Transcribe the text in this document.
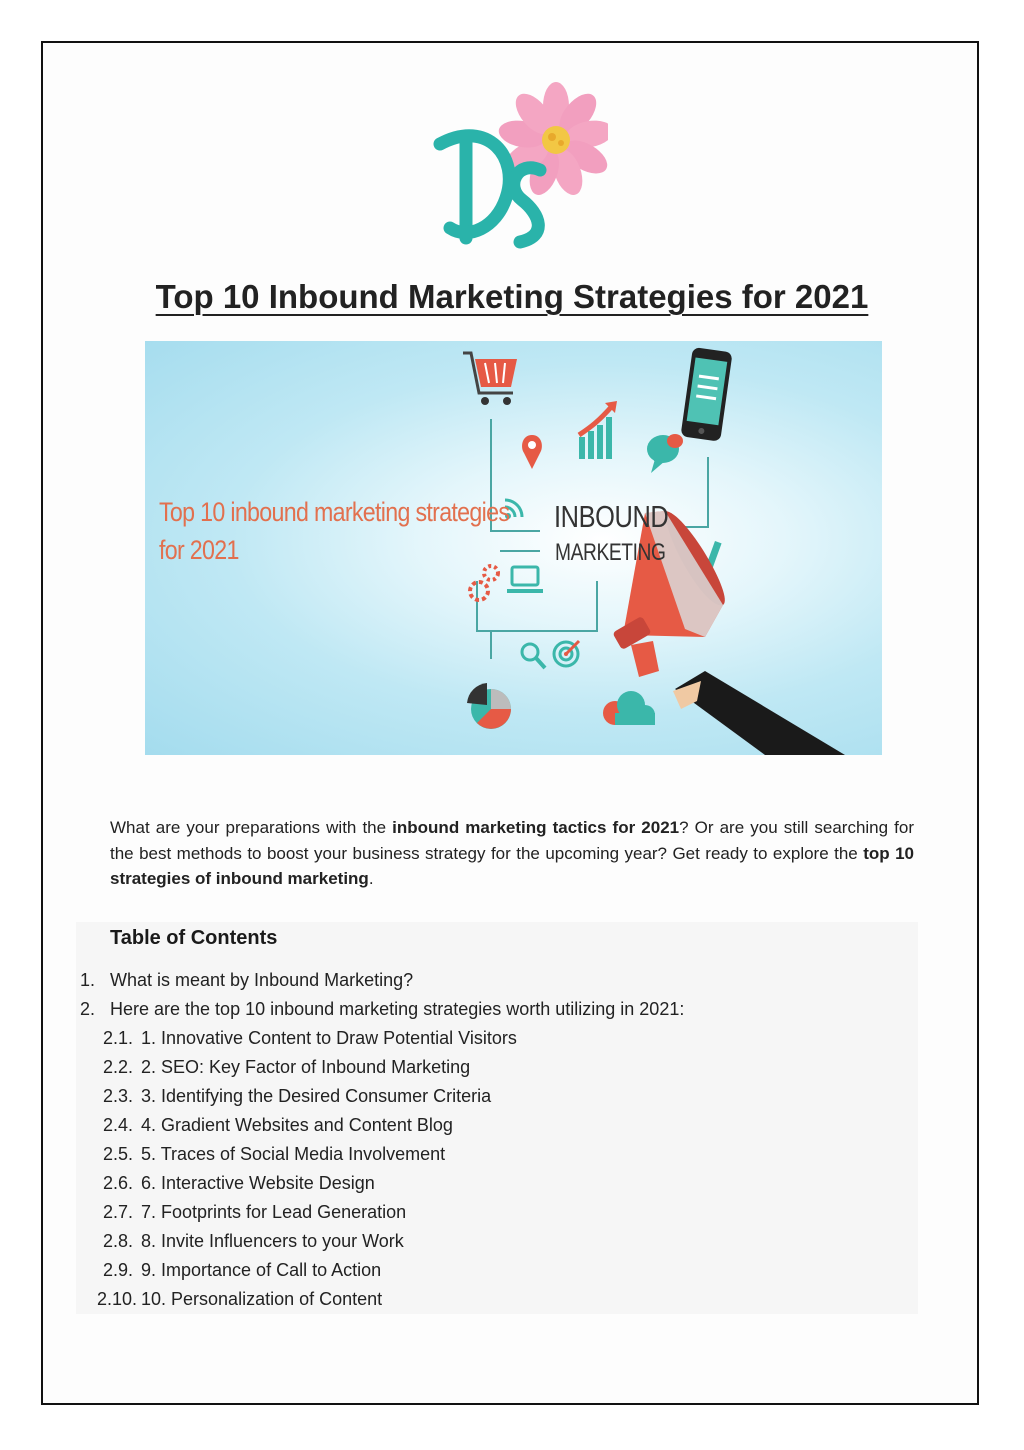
Top 10 Inbound Marketing Strategies for 2021
Top 10 inbound marketing strategies
for 2021
INBOUND
MARKETING
What are your preparations with the inbound marketing tactics for 2021? Or are you still searching for the best methods to boost your business strategy for the upcoming year? Get ready to explore the top 10 strategies of inbound marketing.
Table of Contents
1. What is meant by Inbound Marketing?
2. Here are the top 10 inbound marketing strategies worth utilizing in 2021:
2.1. 1. Innovative Content to Draw Potential Visitors
2.2. 2. SEO: Key Factor of Inbound Marketing
2.3. 3. Identifying the Desired Consumer Criteria
2.4. 4. Gradient Websites and Content Blog
2.5. 5. Traces of Social Media Involvement
2.6. 6. Interactive Website Design
2.7. 7. Footprints for Lead Generation
2.8. 8. Invite Influencers to your Work
2.9. 9. Importance of Call to Action
2.10. 10. Personalization of Content
